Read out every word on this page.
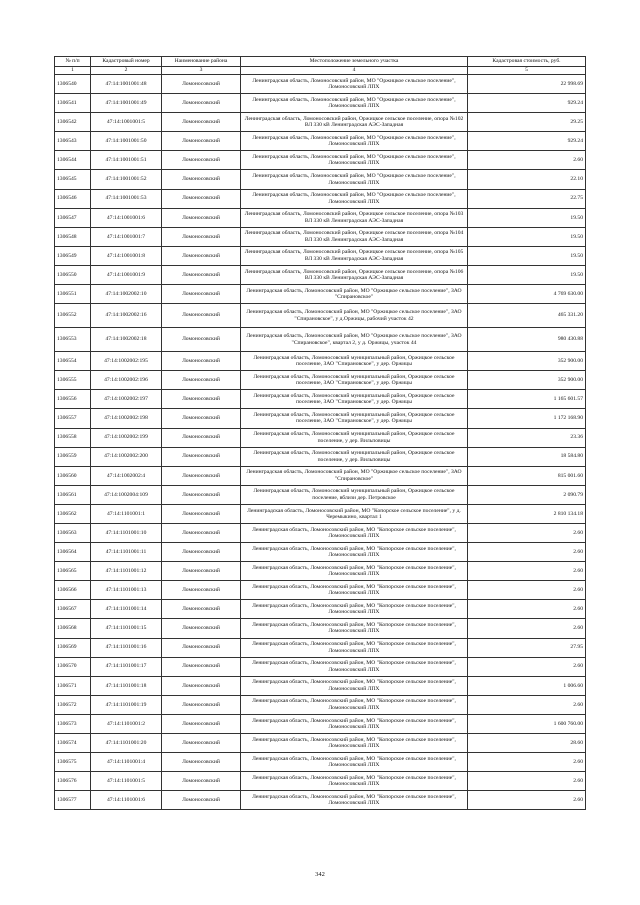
№ п/п	Кадастровый номер	Наименование района	Местоположение земельного участка	Кадастровая стоимость, руб.
1	2	3	4	5
1306540	47:14:1001001:48	Ломоносовский	Ленинградская область, Ломоносовский район, МО "Оржицкое сельское поселение", Ломоносовский ЛПХ	22 998.69
1306541	47:14:1001001:49	Ломоносовский	Ленинградская область, Ломоносовский район, МО "Оржицкое сельское поселение", Ломоносовский ЛПХ	929.24
1306542	47:14:1001001:5	Ломоносовский	Ленинградская область, Ломоносовский район, Оржицкое сельское поселение, опора №102 ВЛ 330 кВ Ленинградская АЭС-Западная	29.25
1306543	47:14:1001001:50	Ломоносовский	Ленинградская область, Ломоносовский район, МО "Оржицкое сельское поселение", Ломоносовский ЛПХ	929.24
1306544	47:14:1001001:51	Ломоносовский	Ленинградская область, Ломоносовский район, МО "Оржицкое сельское поселение", Ломоносовский ЛПХ	2.60
1306545	47:14:1001001:52	Ломоносовский	Ленинградская область, Ломоносовский район, МО "Оржицкое сельское поселение", Ломоносовский ЛПХ	22.10
1306546	47:14:1001001:53	Ломоносовский	Ленинградская область, Ломоносовский район, МО "Оржицкое сельское поселение", Ломоносовский ЛПХ	22.75
1306547	47:14:1001001:6	Ломоносовский	Ленинградская область, Ломоносовский район, Оржицкое сельское поселение, опора №103 ВЛ 330 кВ Ленинградская АЭС-Западная	19.50
1306548	47:14:1001001:7	Ломоносовский	Ленинградская область, Ломоносовский район, Оржицкое сельское поселение, опора №104 ВЛ 330 кВ Ленинградская АЭС-Западная	19.50
1306549	47:14:1001001:8	Ломоносовский	Ленинградская область, Ломоносовский район, Оржицкое сельское поселение, опора №105 ВЛ 330 кВ Ленинградская АЭС-Западная	19.50
1306550	47:14:1001001:9	Ломоносовский	Ленинградская область, Ломоносовский район, Оржицкое сельское поселение, опора №106 ВЛ 330 кВ Ленинградская АЭС-Западная	19.50
1306551	47:14:1002002:10	Ломоносовский	Ленинградская область, Ломоносовский район, МО "Оржицкое сельское поселение", ЗАО "Спирановское"	4 769 630.00
1306552	47:14:1002002:16	Ломоносовский	Ленинградская область, Ломоносовский район, МО "Оржицкое сельское поселение", ЗАО "Спирановское", у д.Оржицы, рабочий участок 42	465 331.20
1306553	47:14:1002002:18	Ломоносовский	Ленинградская область, Ломоносовский район, МО "Оржицкое сельское поселение", ЗАО "Спирановское", квартал 2, у д. Оржицы, участок 44	980 430.88
1306554	47:14:1002002:195	Ломоносовский	Ленинградская область, Ломоносовский муниципальный район, Оржицкое сельское поселение, ЗАО "Спирановское", у дер. Оржицы	352 900.00
1306555	47:14:1002002:196	Ломоносовский	Ленинградская область, Ломоносовский муниципальный район, Оржицкое сельское поселение, ЗАО "Спирановское", у дер. Оржицы	352 900.00
1306556	47:14:1002002:197	Ломоносовский	Ленинградская область, Ломоносовский муниципальный район, Оржицкое сельское поселение, ЗАО "Спирановское", у дер. Оржицы	1 165 601.57
1306557	47:14:1002002:198	Ломоносовский	Ленинградская область, Ломоносовский муниципальный район, Оржицкое сельское поселение, ЗАО "Спирановское", у дер. Оржицы	1 172 168.90
1306558	47:14:1002002:199	Ломоносовский	Ленинградская область, Ломоносовский муниципальный район, Оржицкое сельское поселение, у дер. Вильповицы	23.36
1306559	47:14:1002002:200	Ломоносовский	Ленинградская область, Ломоносовский муниципальный район, Оржицкое сельское поселение, у дер. Вильповицы	18 584.80
1306560	47:14:1002002:4	Ломоносовский	Ленинградская область, Ломоносовский район, МО "Оржицкое сельское поселение", ЗАО "Спирановское"	815 001.60
1306561	47:14:1002004:109	Ломоносовский	Ленинградская область, Ломоносовский муниципальный район, Оржицкое сельское поселение, вблизи дер. Петровское	2 090.79
1306562	47:14:1101001:1	Ломоносовский	Ленинградская область, Ломоносовский район, МО "Копорское сельское поселение", у д. Черемыкино, квартал 1	2 810 134.18
1306563	47:14:1101001:10	Ломоносовский	Ленинградская область, Ломоносовский район, МО "Копорское сельское поселение", Ломоносовский ЛПХ	2.60
1306564	47:14:1101001:11	Ломоносовский	Ленинградская область, Ломоносовский район, МО "Копорское сельское поселение", Ломоносовский ЛПХ	2.60
1306565	47:14:1101001:12	Ломоносовский	Ленинградская область, Ломоносовский район, МО "Копорское сельское поселение", Ломоносовский ЛПХ	2.60
1306566	47:14:1101001:13	Ломоносовский	Ленинградская область, Ломоносовский район, МО "Копорское сельское поселение", Ломоносовский ЛПХ	2.60
1306567	47:14:1101001:14	Ломоносовский	Ленинградская область, Ломоносовский район, МО "Копорское сельское поселение", Ломоносовский ЛПХ	2.60
1306568	47:14:1101001:15	Ломоносовский	Ленинградская область, Ломоносовский район, МО "Копорское сельское поселение", Ломоносовский ЛПХ	2.60
1306569	47:14:1101001:16	Ломоносовский	Ленинградская область, Ломоносовский район, МО "Копорское сельское поселение", Ломоносовский ЛПХ	27.95
1306570	47:14:1101001:17	Ломоносовский	Ленинградская область, Ломоносовский район, МО "Копорское сельское поселение", Ломоносовский ЛПХ	2.60
1306571	47:14:1101001:18	Ломоносовский	Ленинградская область, Ломоносовский район, МО "Копорское сельское поселение", Ломоносовский ЛПХ	1 006.60
1306572	47:14:1101001:19	Ломоносовский	Ленинградская область, Ломоносовский район, МО "Копорское сельское поселение", Ломоносовский ЛПХ	2.60
1306573	47:14:1101001:2	Ломоносовский	Ленинградская область, Ломоносовский район, МО "Копорское сельское поселение", Ломоносовский ЛПХ	1 600 760.00
1306574	47:14:1101001:20	Ломоносовский	Ленинградская область, Ломоносовский район, МО "Копорское сельское поселение", Ломоносовский ЛПХ	28.60
1306575	47:14:1101001:4	Ломоносовский	Ленинградская область, Ломоносовский район, МО "Копорское сельское поселение", Ломоносовский ЛПХ	2.60
1306576	47:14:1101001:5	Ломоносовский	Ленинградская область, Ломоносовский район, МО "Копорское сельское поселение", Ломоносовский ЛПХ	2.60
1306577	47:14:1101001:6	Ломоносовский	Ленинградская область, Ломоносовский район, МО "Копорское сельское поселение", Ломоносовский ЛПХ	2.60
342
